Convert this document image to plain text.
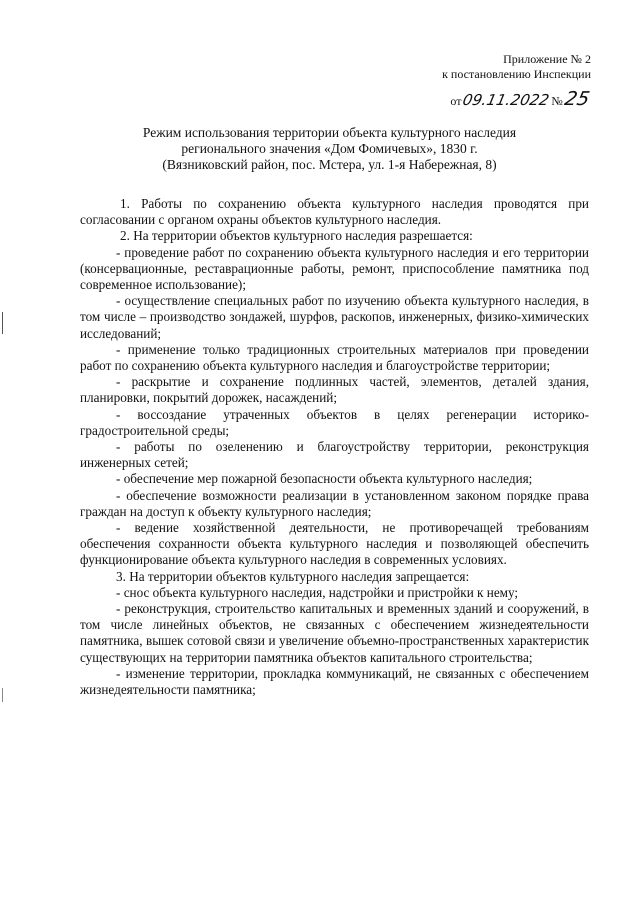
Приложение № 2
к постановлению Инспекции
от 09.11.2022 № 25
Режим использования территории объекта культурного наследия
регионального значения «Дом Фомичевых», 1830 г.
(Вязниковский район, пос. Мстера, ул. 1-я Набережная, 8)

1. Работы по сохранению объекта культурного наследия проводятся при согласовании с органом охраны объектов культурного наследия.

2. На территории объектов культурного наследия разрешается:

- проведение работ по сохранению объекта культурного наследия и его территории (консервационные, реставрационные работы, ремонт, приспособление памятника под современное использование);

- осуществление специальных работ по изучению объекта культурного наследия, в том числе – производство зондажей, шурфов, раскопов, инженерных, физико-химических исследований;

- применение только традиционных строительных материалов при проведении работ по сохранению объекта культурного наследия и благоустройстве территории;

- раскрытие и сохранение подлинных частей, элементов, деталей здания, планировки, покрытий дорожек, насаждений;

- воссоздание утраченных объектов в целях регенерации историко-градостроительной среды;

- работы по озеленению и благоустройству территории, реконструкция инженерных сетей;

- обеспечение мер пожарной безопасности объекта культурного наследия;

- обеспечение возможности реализации в установленном законом порядке права граждан на доступ к объекту культурного наследия;

- ведение хозяйственной деятельности, не противоречащей требованиям обеспечения сохранности объекта культурного наследия и позволяющей обеспечить функционирование объекта культурного наследия в современных условиях.

3. На территории объектов культурного наследия запрещается:

- снос объекта культурного наследия, надстройки и пристройки к нему;

- реконструкция, строительство капитальных и временных зданий и сооружений, в том числе линейных объектов, не связанных с обеспечением жизнедеятельности памятника, вышек сотовой связи и увеличение объемно-пространственных характеристик существующих на территории памятника объектов капитального строительства;

- изменение территории, прокладка коммуникаций, не связанных с обеспечением жизнедеятельности памятника;
